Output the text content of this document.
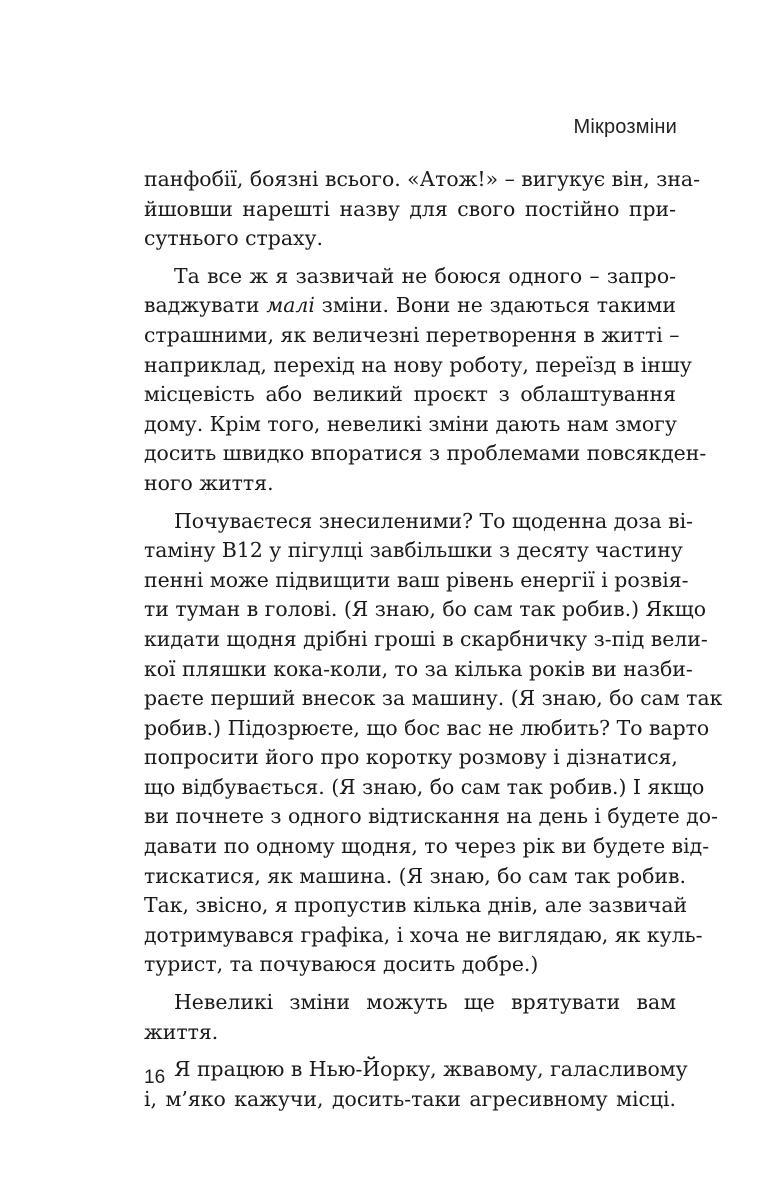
Мікрозміни
панфобії, боязні всього. «Атож!» – вигукує він, зна-
йшовши нарешті назву для свого постійно при-
сутнього страху.
Та все ж я зазвичай не боюся одного – запро-
ваджувати малі зміни. Вони не здаються такими
страшними, як величезні перетворення в житті –
наприклад, перехід на нову роботу, переїзд в іншу
місцевість або великий проєкт з облаштування
дому. Крім того, невеликі зміни дають нам змогу
досить швидко впоратися з проблемами повсякден-
ного життя.
Почуваєтеся знесиленими? То щоденна доза ві-
таміну B12 у пігулці завбільшки з десяту частину
пенні може підвищити ваш рівень енергії і розвія-
ти туман в голові. (Я знаю, бо сам так робив.) Якщо
кидати щодня дрібні гроші в скарбничку з-під вели-
кої пляшки кока-коли, то за кілька років ви назби-
раєте перший внесок за машину. (Я знаю, бо сам так
робив.) Підозрюєте, що бос вас не любить? То варто
попросити його про коротку розмову і дізнатися,
що відбувається. (Я знаю, бо сам так робив.) І якщо
ви почнете з одного відтискання на день і будете до-
давати по одному щодня, то через рік ви будете від-
тискатися, як машина. (Я знаю, бо сам так робив.
Так, звісно, я пропустив кілька днів, але зазвичай
дотримувався графіка, і хоча не виглядаю, як куль-
турист, та почуваюся досить добре.)
Невеликі зміни можуть ще врятувати вам
життя.
Я працюю в Нью-Йорку, жвавому, галасливому
і, м’яко кажучи, досить-таки агресивному місці.
16
